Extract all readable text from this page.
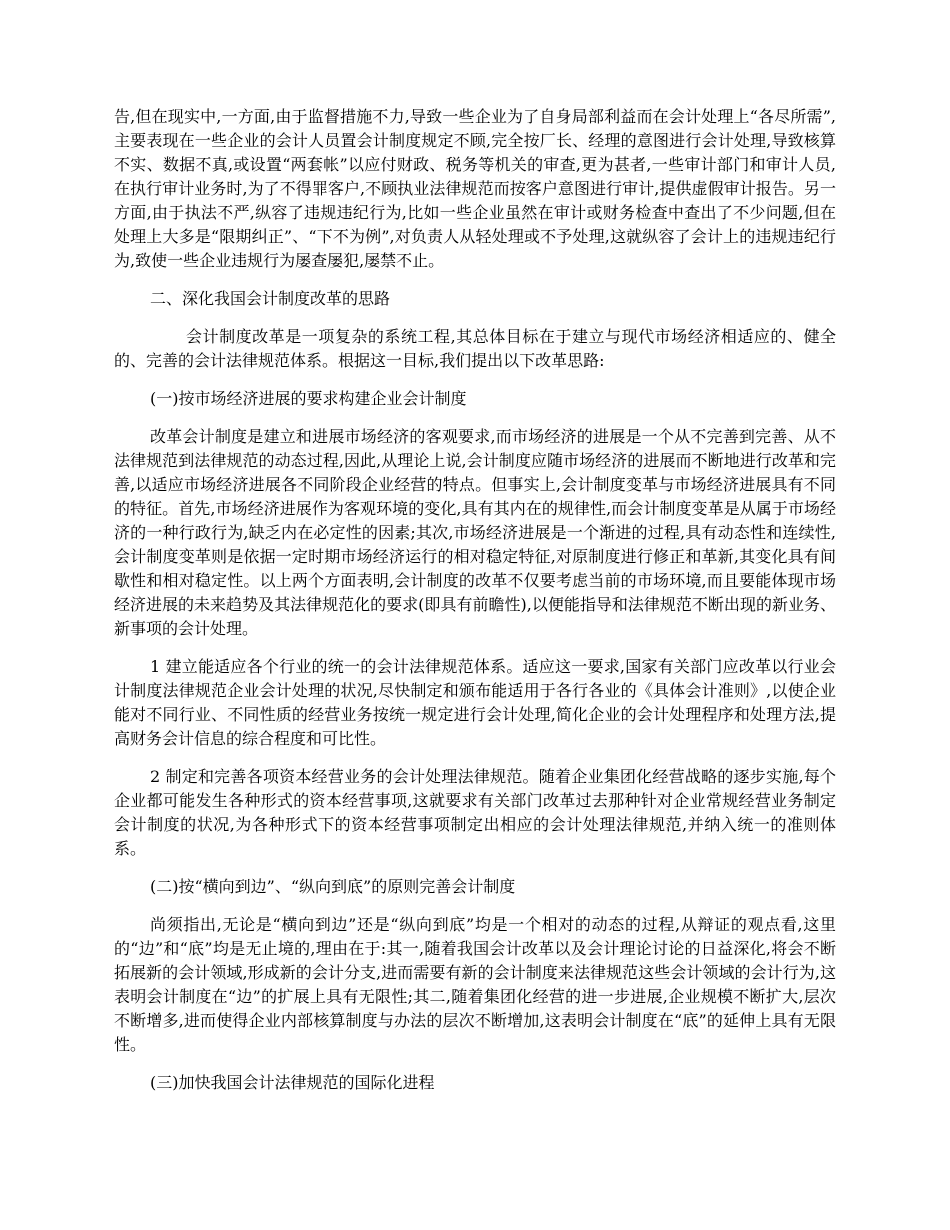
告,但在现实中,一方面,由于监督措施不力,导致一些企业为了自身局部利益而在会计处理上“各尽所需”,主要表现在一些企业的会计人员置会计制度规定不顾,完全按厂长、经理的意图进行会计处理,导致核算不实、数据不真,或设置“两套帐”以应付财政、税务等机关的审查,更为甚者,一些审计部门和审计人员,在执行审计业务时,为了不得罪客户,不顾执业法律规范而按客户意图进行审计,提供虚假审计报告。另一方面,由于执法不严,纵容了违规违纪行为,比如一些企业虽然在审计或财务检查中查出了不少问题,但在处理上大多是“限期纠正”、“下不为例”,对负责人从轻处理或不予处理,这就纵容了会计上的违规违纪行为,致使一些企业违规行为屡查屡犯,屡禁不止。

二、深化我国会计制度改革的思路

会计制度改革是一项复杂的系统工程,其总体目标在于建立与现代市场经济相适应的、健全的、完善的会计法律规范体系。根据这一目标,我们提出以下改革思路:

(一)按市场经济进展的要求构建企业会计制度

改革会计制度是建立和进展市场经济的客观要求,而市场经济的进展是一个从不完善到完善、从不法律规范到法律规范的动态过程,因此,从理论上说,会计制度应随市场经济的进展而不断地进行改革和完善,以适应市场经济进展各不同阶段企业经营的特点。但事实上,会计制度变革与市场经济进展具有不同的特征。首先,市场经济进展作为客观环境的变化,具有其内在的规律性,而会计制度变革是从属于市场经济的一种行政行为,缺乏内在必定性的因素;其次,市场经济进展是一个渐进的过程,具有动态性和连续性,会计制度变革则是依据一定时期市场经济运行的相对稳定特征,对原制度进行修正和革新,其变化具有间歇性和相对稳定性。以上两个方面表明,会计制度的改革不仅要考虑当前的市场环境,而且要能体现市场经济进展的未来趋势及其法律规范化的要求(即具有前瞻性),以便能指导和法律规范不断出现的新业务、新事项的会计处理。

1 建立能适应各个行业的统一的会计法律规范体系。适应这一要求,国家有关部门应改革以行业会计制度法律规范企业会计处理的状况,尽快制定和颁布能适用于各行各业的《具体会计准则》,以使企业能对不同行业、不同性质的经营业务按统一规定进行会计处理,简化企业的会计处理程序和处理方法,提高财务会计信息的综合程度和可比性。

2 制定和完善各项资本经营业务的会计处理法律规范。随着企业集团化经营战略的逐步实施,每个企业都可能发生各种形式的资本经营事项,这就要求有关部门改革过去那种针对企业常规经营业务制定会计制度的状况,为各种形式下的资本经营事项制定出相应的会计处理法律规范,并纳入统一的准则体系。

(二)按“横向到边”、“纵向到底”的原则完善会计制度

尚须指出,无论是“横向到边”还是“纵向到底”均是一个相对的动态的过程,从辩证的观点看,这里的“边”和“底”均是无止境的,理由在于:其一,随着我国会计改革以及会计理论讨论的日益深化,将会不断拓展新的会计领域,形成新的会计分支,进而需要有新的会计制度来法律规范这些会计领域的会计行为,这表明会计制度在“边”的扩展上具有无限性;其二,随着集团化经营的进一步进展,企业规模不断扩大,层次不断增多,进而使得企业内部核算制度与办法的层次不断增加,这表明会计制度在“底”的延伸上具有无限性。

(三)加快我国会计法律规范的国际化进程
